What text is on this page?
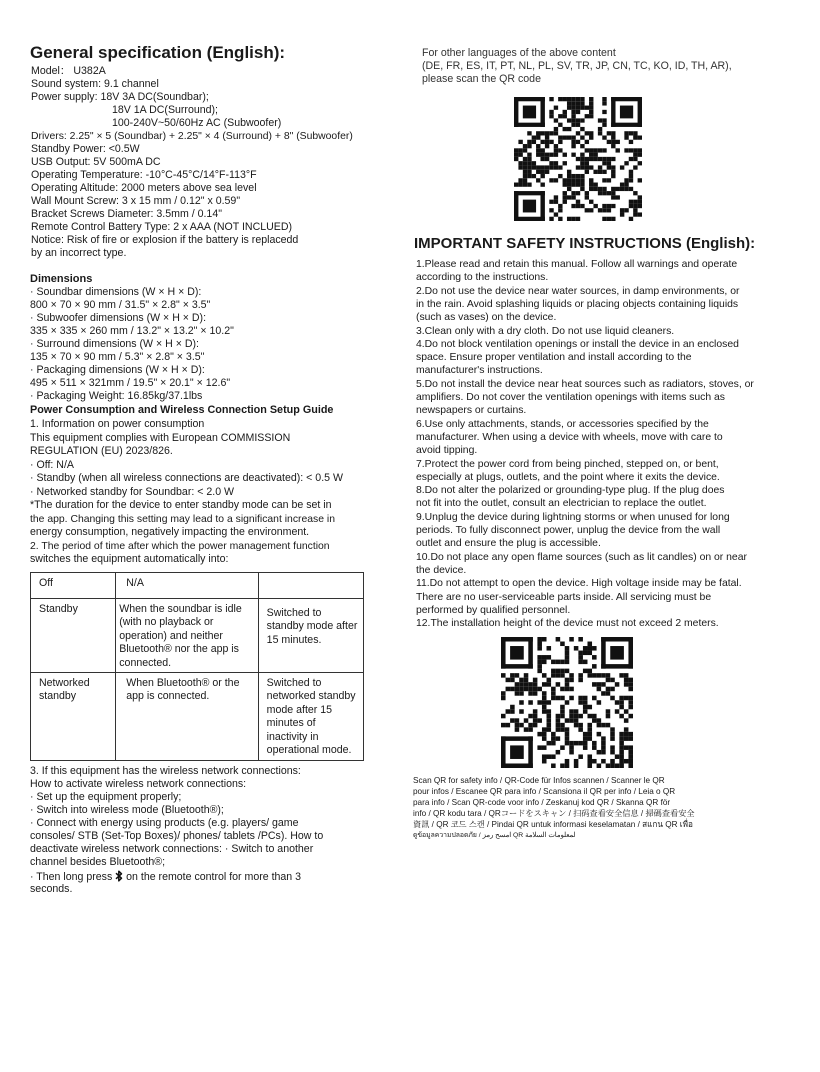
General specification (English):
Model： U382A
Sound system: 9.1 channel
Power supply: 18V 3A DC(Soundbar);
18V 1A DC(Surround);
100-240V~50/60Hz AC (Subwoofer)
Drivers: 2.25" × 5 (Soundbar) + 2.25" × 4 (Surround) + 8" (Subwoofer)
Standby Power: <0.5W
USB Output: 5V 500mA DC
Operating Temperature: -10°C-45°C/14°F-113°F
Operating Altitude: 2000 meters above sea level
Wall Mount Screw: 3 x 15 mm / 0.12" x 0.59"
Bracket Screws Diameter: 3.5mm / 0.14"
Remote Control Battery Type: 2 x AAA (NOT INCLUED)
Notice: Risk of fire or explosion if the battery is replacedd
by an incorrect type.
Dimensions
· Soundbar dimensions (W × H × D):
800 × 70 × 90 mm / 31.5" × 2.8" × 3.5"
· Subwoofer dimensions (W × H × D):
335 × 335 × 260 mm / 13.2" × 13.2" × 10.2"
· Surround dimensions (W × H × D):
135 × 70 × 90 mm / 5.3" × 2.8" × 3.5"
· Packaging dimensions (W × H × D):
495 × 511 × 321mm / 19.5" × 20.1" × 12.6"
· Packaging Weight: 16.85kg/37.1lbs
Power Consumption and Wireless Connection Setup Guide
1. Information on power consumption
This equipment complies with European COMMISSION
REGULATION (EU) 2023/826.
· Off: N/A
· Standby (when all wireless connections are deactivated): < 0.5 W
· Networked standby for Soundbar: < 2.0 W
*The duration for the device to enter standby mode can be set in
the app. Changing this setting may lead to a significant increase in
energy consumption, negatively impacting the environment.
2. The period of time after which the power management function
switches the equipment automatically into:
Off	N/A	
Standby	When the soundbar is idle (with no playback or operation) and neither Bluetooth® nor the app is connected.	Switched to standby mode after 15 minutes.
Networked standby	When Bluetooth® or the app is connected.	Switched to networked standby mode after 15 minutes of inactivity in operational mode.
3. If this equipment has the wireless network connections:
How to activate wireless network connections:
· Set up the equipment properly;
· Switch into wireless mode (Bluetooth®);
· Connect with energy using products (e.g. players/ game
consoles/ STB (Set-Top Boxes)/ phones/ tablets /PCs). How to
deactivate wireless network connections: · Switch to another
channel besides Bluetooth®;
· Then long press  on the remote control for more than 3
seconds.
For other languages of the above content
(DE, FR, ES, IT, PT, NL, PL, SV, TR, JP, CN, TC, KO, ID, TH, AR),
please scan the QR code
IMPORTANT SAFETY INSTRUCTIONS (English):
1.Please read and retain this manual. Follow all warnings and operate
according to the instructions.
2.Do not use the device near water sources, in damp environments, or
in the rain. Avoid splashing liquids or placing objects containing liquids
(such as vases) on the device.
3.Clean only with a dry cloth. Do not use liquid cleaners.
4.Do not block ventilation openings or install the device in an enclosed
space. Ensure proper ventilation and install according to the
manufacturer's instructions.
5.Do not install the device near heat sources such as radiators, stoves, or
amplifiers. Do not cover the ventilation openings with items such as
newspapers or curtains.
6.Use only attachments, stands, or accessories specified by the
manufacturer. When using a device with wheels, move with care to
avoid tipping.
7.Protect the power cord from being pinched, stepped on, or bent,
especially at plugs, outlets, and the point where it exits the device.
8.Do not alter the polarized or grounding-type plug. If the plug does
not fit into the outlet, consult an electrician to replace the outlet.
9.Unplug the device during lightning storms or when unused for long
periods. To fully disconnect power, unplug the device from the wall
outlet and ensure the plug is accessible.
10.Do not place any open flame sources (such as lit candles) on or near
the device.
11.Do not attempt to open the device. High voltage inside may be fatal.
There are no user-serviceable parts inside. All servicing must be
performed by qualified personnel.
12.The installation height of the device must not exceed 2 meters.
Scan QR for safety info / QR-Code für Infos scannen / Scanner le QR
pour infos / Escanee QR para info / Scansiona il QR per info / Leia o QR
para info / Scan QR-code voor info / Zeskanuj kod QR / Skanna QR för
info / QR kodu tara / QRコードをスキャン / 扫码查看安全信息 / 掃碼查看安全
資訊 / QR 코드 스캔 / Pindai QR untuk informasi keselamatan / สแกน QR เพื่อ
ดูข้อมูลความปลอดภัย / امسح رمز QR لمعلومات السلامة
